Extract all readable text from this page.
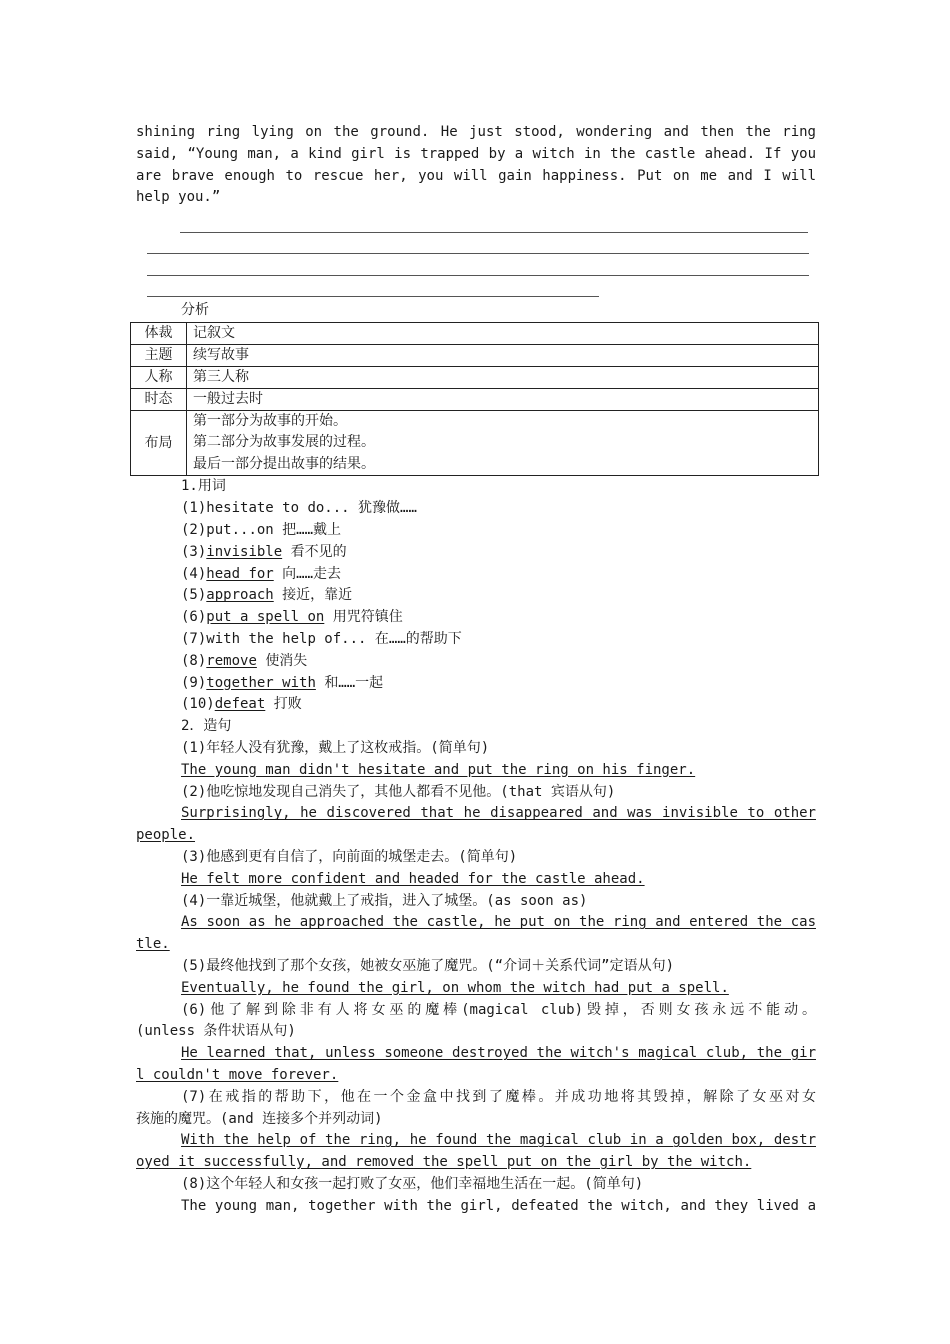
shining ring lying on the ground. He just stood, wondering and then the ring
said, “Young man, a kind girl is trapped by a witch in the castle ahead. If you
are brave enough to rescue her, you will gain happiness. Put on me and I will
help you.”
分析
体裁	记叙文
主题	续写故事
人称	第三人称
时态	一般过去时
布局	第一部分为故事的开始。
第二部分为故事发展的过程。
最后一部分提出故事的结果。
1.用词
(1)hesitate to do... 犹豫做……
(2)put...on 把……戴上
(3)invisible 看不见的
(4)head for 向……走去
(5)approach 接近，靠近
(6)put a spell on 用咒符镇住
(7)with the help of... 在……的帮助下
(8)remove 使消失
(9)together with 和……一起
(10)defeat 打败
2．造句
(1)年轻人没有犹豫，戴上了这枚戒指。(简单句)
The young man didn't hesitate and put the ring on his finger.
(2)他吃惊地发现自己消失了，其他人都看不见他。(that 宾语从句)
Surprisingly, he discovered that he disappeared and was invisible to other
people.
(3)他感到更有自信了，向前面的城堡走去。(简单句)
He felt more confident and headed for the castle ahead.
(4)一靠近城堡，他就戴上了戒指，进入了城堡。(as soon as)
As soon as he approached the castle, he put on the ring and entered the cas
tle.
(5)最终他找到了那个女孩，她被女巫施了魔咒。(“介词＋关系代词”定语从句)
Eventually, he found the girl, on whom the witch had put a spell.
(6)他了解到除非有人将女巫的魔棒(magical club)毁掉，否则女孩永远不能动。
(unless 条件状语从句)
He learned that, unless someone destroyed the witch's magical club, the gir
l couldn't move forever.
(7)在戒指的帮助下，他在一个金盒中找到了魔棒。并成功地将其毁掉，解除了女巫对女
孩施的魔咒。(and 连接多个并列动词)
With the help of the ring, he found the magical club in a golden box, destr
oyed it successfully, and removed the spell put on the girl by the witch.
(8)这个年轻人和女孩一起打败了女巫，他们幸福地生活在一起。(简单句)
The young man, together with the girl, defeated the witch, and they lived a
